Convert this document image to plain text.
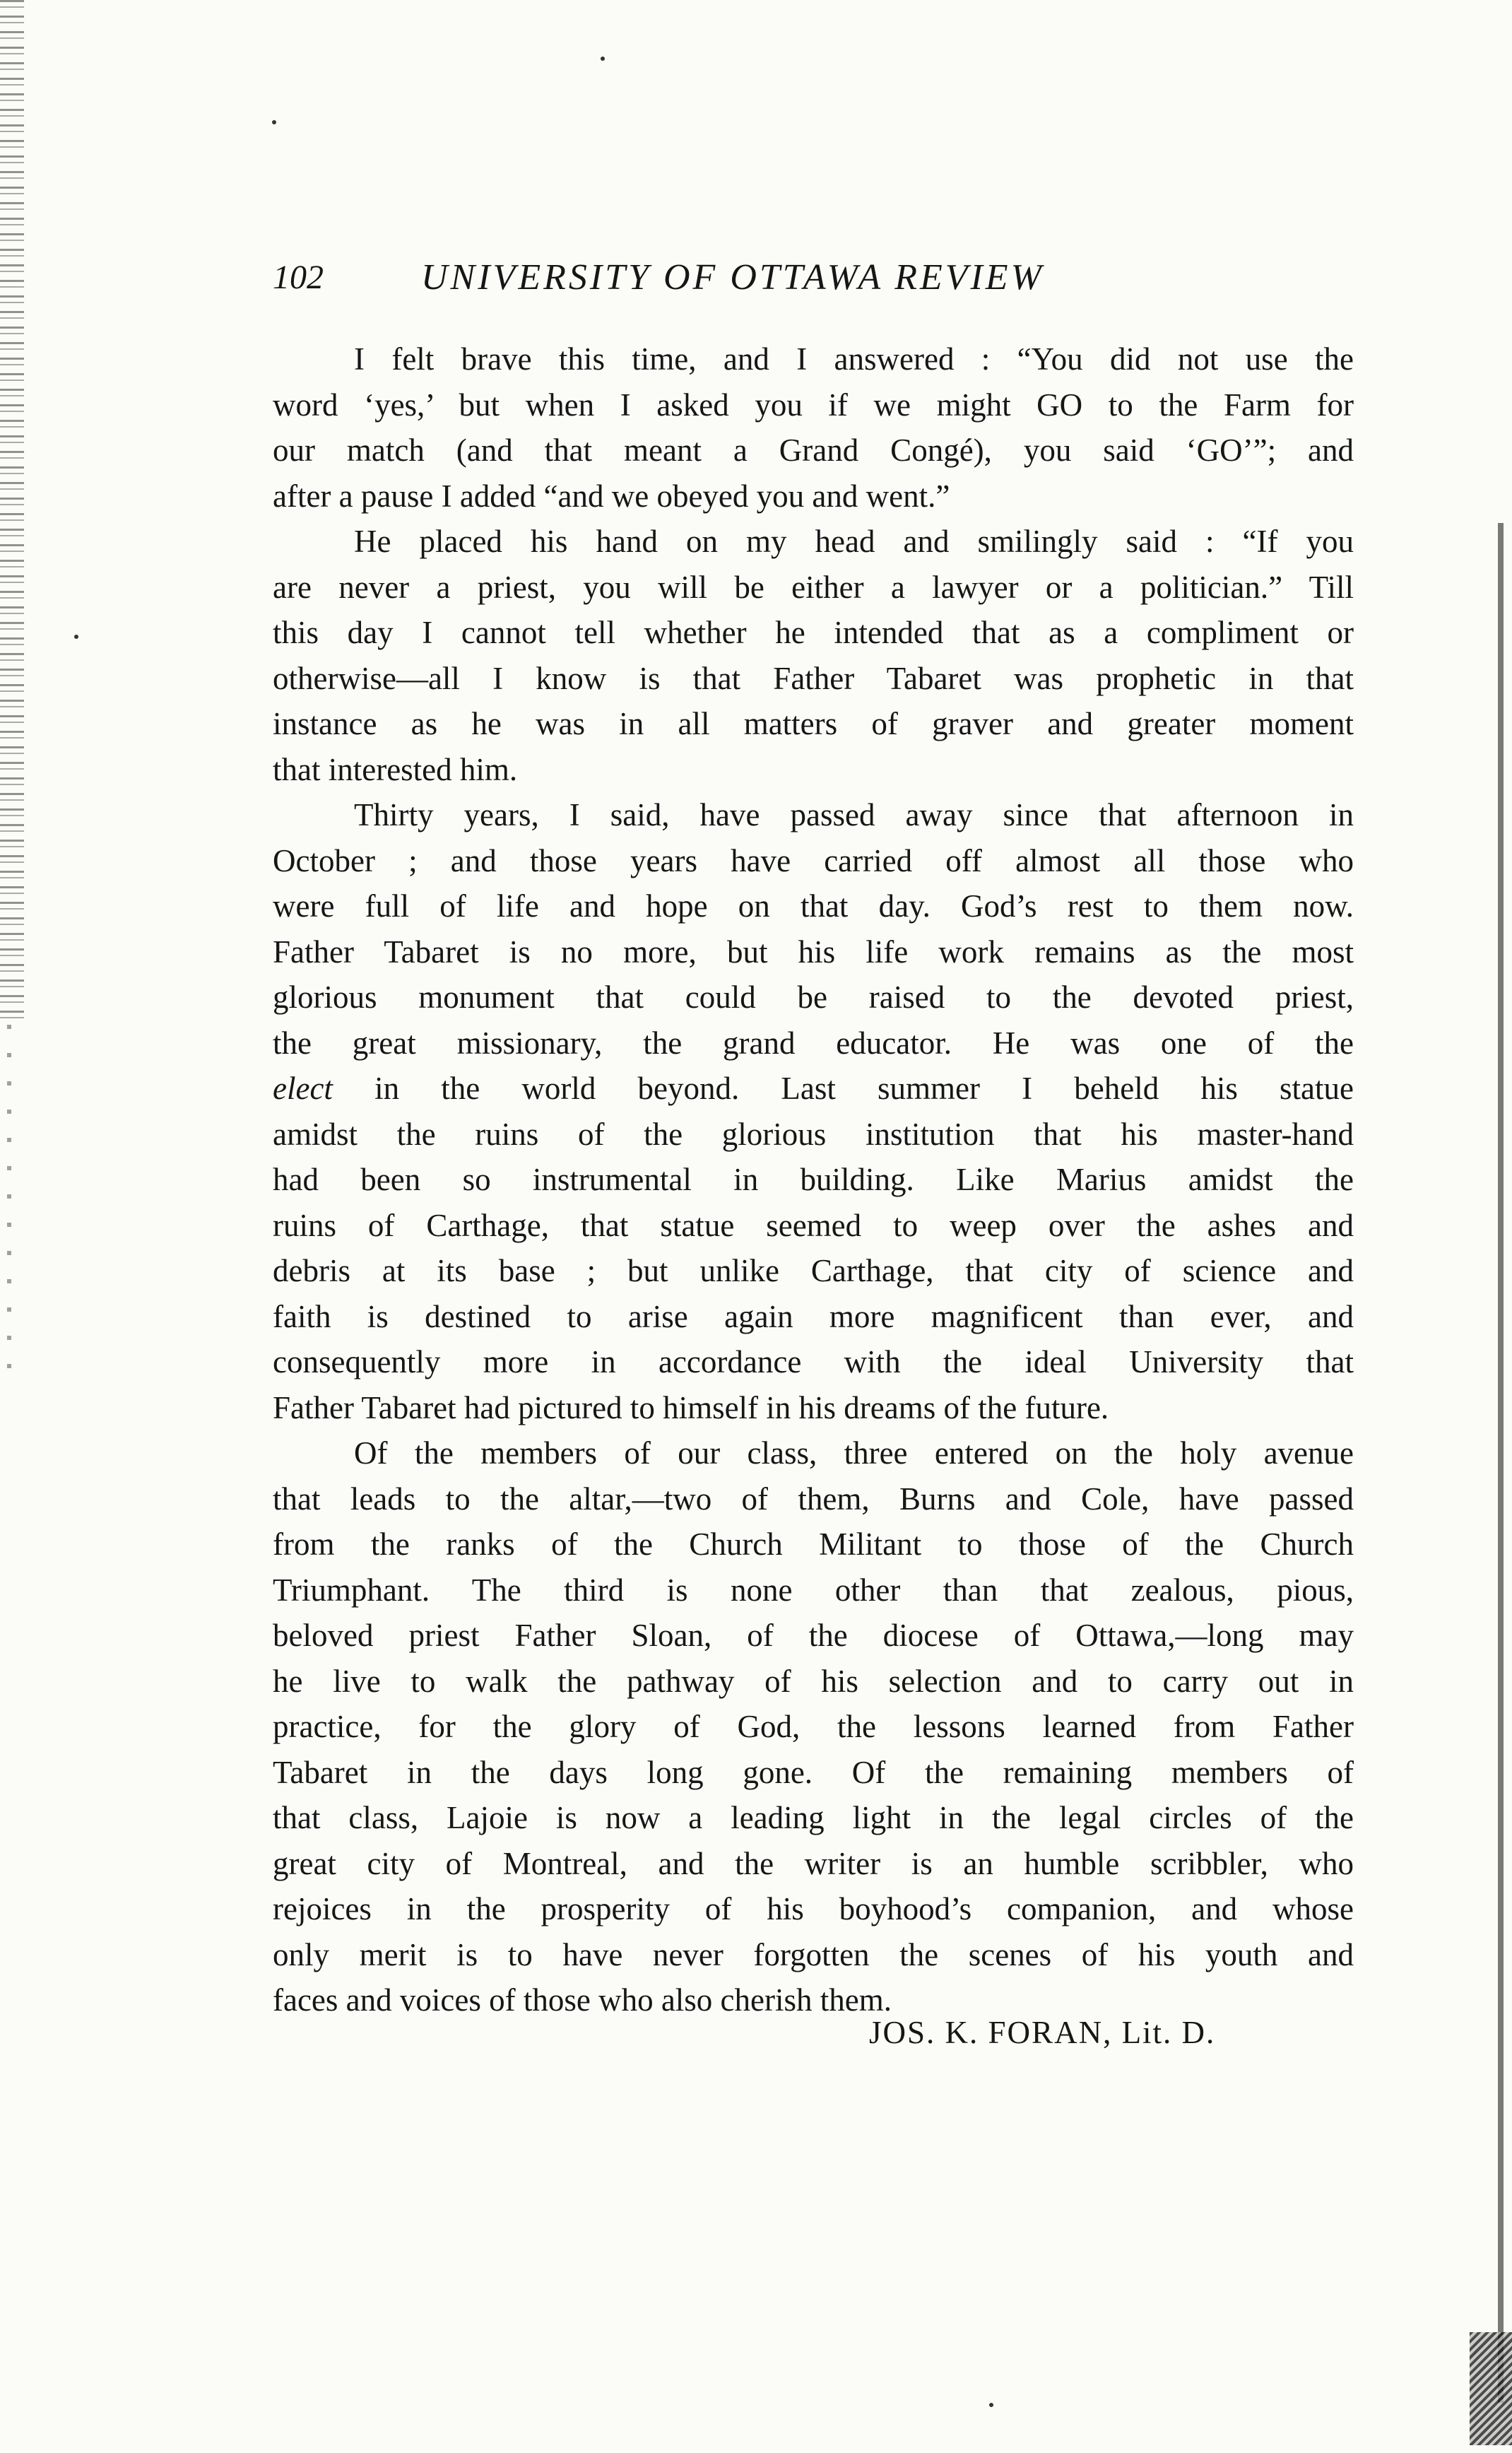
102	UNIVERSITY OF OTTAWA REVIEW
I felt brave this time, and I answered : “You did not use the
word ‘yes,’ but when I asked you if we might GO to the Farm for
our match (and that meant a Grand Congé), you said ‘GO’”; and
after a pause I added “and we obeyed you and went.”
He placed his hand on my head and smilingly said : “If you
are never a priest, you will be either a lawyer or a politician.” Till
this day I cannot tell whether he intended that as a compliment or
otherwise—all I know is that Father Tabaret was prophetic in that
instance as he was in all matters of graver and greater moment
that interested him.
Thirty years, I said, have passed away since that afternoon in
October ; and those years have carried off almost all those who
were full of life and hope on that day. God’s rest to them now.
Father Tabaret is no more, but his life work remains as the most
glorious monument that could be raised to the devoted priest,
the great missionary, the grand educator. He was one of the
elect in the world beyond. Last summer I beheld his statue
amidst the ruins of the glorious institution that his master-hand
had been so instrumental in building. Like Marius amidst the
ruins of Carthage, that statue seemed to weep over the ashes and
debris at its base ; but unlike Carthage, that city of science and
faith is destined to arise again more magnificent than ever, and
consequently more in accordance with the ideal University that
Father Tabaret had pictured to himself in his dreams of the future.
Of the members of our class, three entered on the holy avenue
that leads to the altar,—two of them, Burns and Cole, have passed
from the ranks of the Church Militant to those of the Church
Triumphant. The third is none other than that zealous, pious,
beloved priest Father Sloan, of the diocese of Ottawa,—long may
he live to walk the pathway of his selection and to carry out in
practice, for the glory of God, the lessons learned from Father
Tabaret in the days long gone. Of the remaining members of
that class, Lajoie is now a leading light in the legal circles of the
great city of Montreal, and the writer is an humble scribbler, who
rejoices in the prosperity of his boyhood’s companion, and whose
only merit is to have never forgotten the scenes of his youth and
faces and voices of those who also cherish them.
JOS. K. FORAN, Lit. D.
